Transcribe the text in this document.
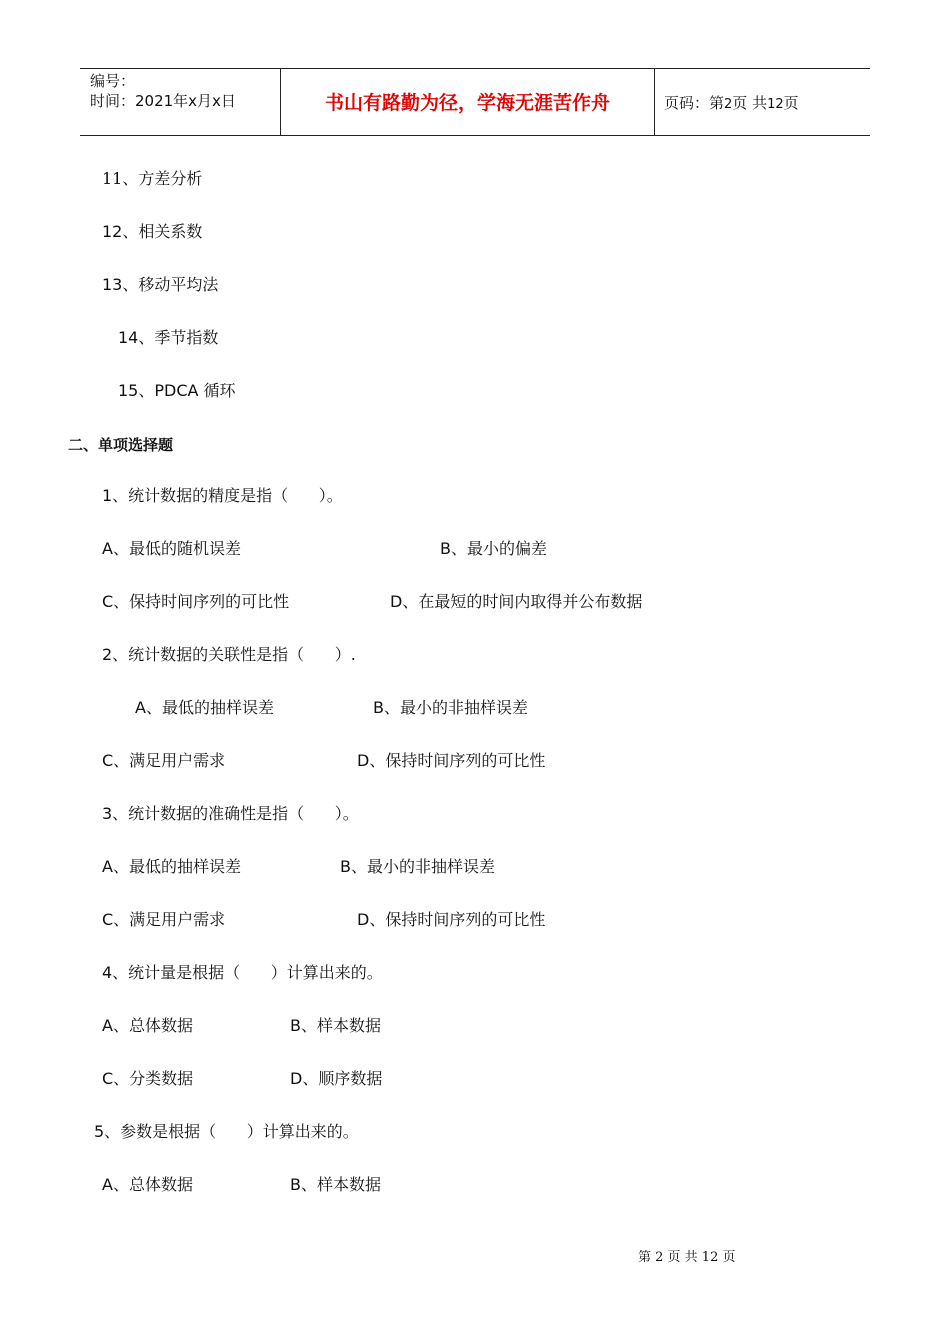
编号：
时间：2021年x月x日	书山有路勤为径，学海无涯苦作舟	页码：第2页 共12页
11、方差分析
12、相关系数
13、移动平均法
14、季节指数
15、PDCA 循环
二、单项选择题
1、统计数据的精度是指（      ）。
A、最低的随机误差	B、最小的偏差
C、保持时间序列的可比性	D、在最短的时间内取得并公布数据
2、统计数据的关联性是指（      ）.
A、最低的抽样误差	B、最小的非抽样误差
C、满足用户需求	D、保持时间序列的可比性
3、统计数据的准确性是指（      ）。
A、最低的抽样误差	B、最小的非抽样误差
C、满足用户需求	D、保持时间序列的可比性
4、统计量是根据（      ）计算出来的。
A、总体数据	B、样本数据
C、分类数据	D、顺序数据
5、参数是根据（      ）计算出来的。
A、总体数据	B、样本数据
第 2 页 共 12 页
